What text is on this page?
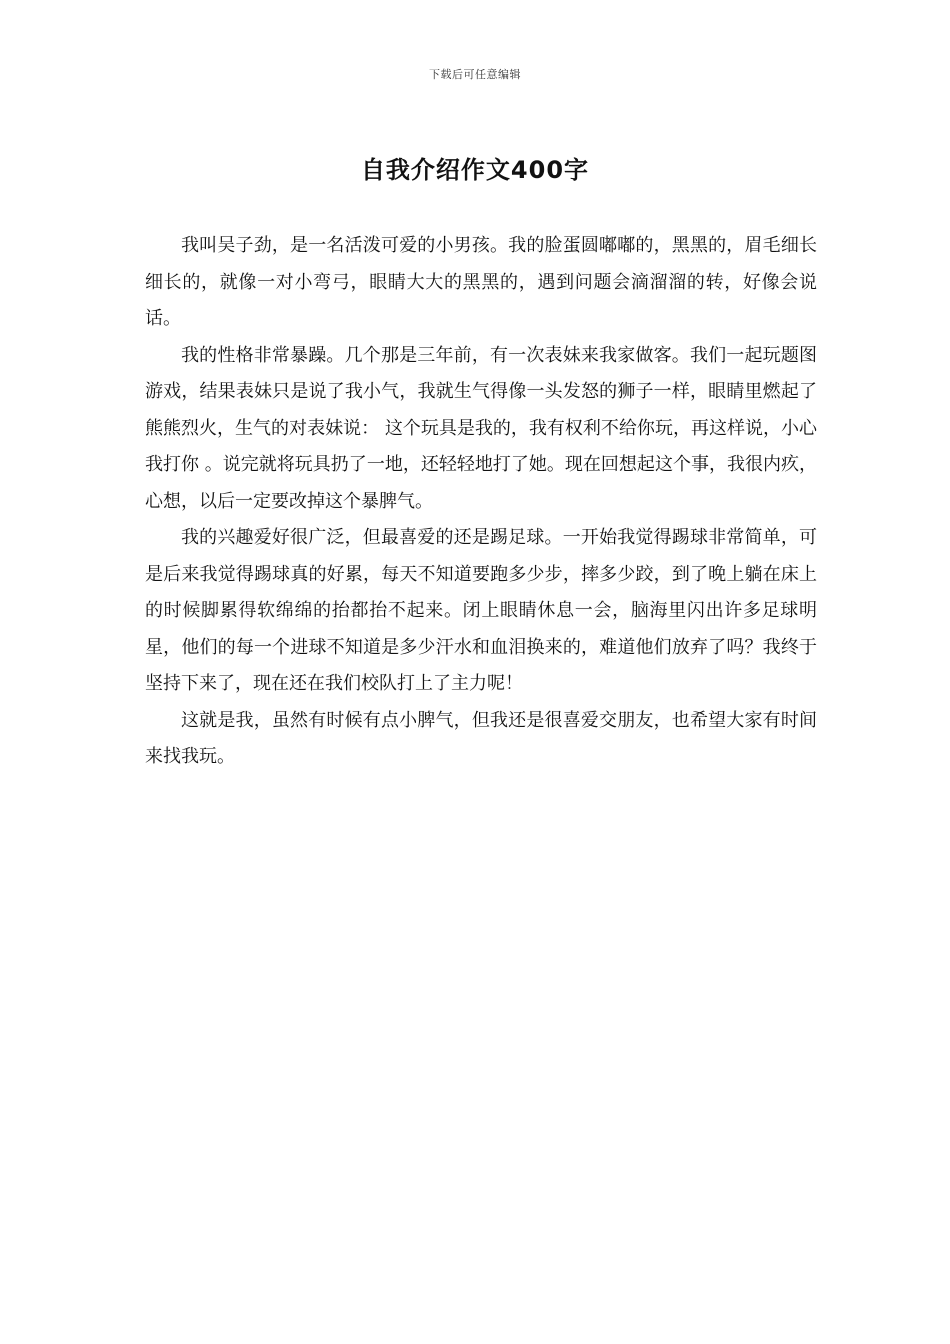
下载后可任意编辑
自我介绍作文400字

我叫吴子劲，是一名活泼可爱的小男孩。我的脸蛋圆嘟嘟的，黑黑的，眉毛细长细长的，就像一对小弯弓，眼睛大大的黑黑的，遇到问题会滴溜溜的转，好像会说话。

我的性格非常暴躁。几个那是三年前，有一次表妹来我家做客。我们一起玩题图游戏，结果表妹只是说了我小气，我就生气得像一头发怒的狮子一样，眼睛里燃起了熊熊烈火，生气的对表妹说： 这个玩具是我的，我有权利不给你玩，再这样说，小心我打你 。说完就将玩具扔了一地，还轻轻地打了她。现在回想起这个事，我很内疚，心想，以后一定要改掉这个暴脾气。

我的兴趣爱好很广泛，但最喜爱的还是踢足球。一开始我觉得踢球非常简单，可是后来我觉得踢球真的好累，每天不知道要跑多少步，摔多少跤，到了晚上躺在床上的时候脚累得软绵绵的抬都抬不起来。闭上眼睛休息一会，脑海里闪出许多足球明星，他们的每一个进球不知道是多少汗水和血泪换来的，难道他们放弃了吗？我终于坚持下来了，现在还在我们校队打上了主力呢！

这就是我，虽然有时候有点小脾气，但我还是很喜爱交朋友，也希望大家有时间来找我玩。
